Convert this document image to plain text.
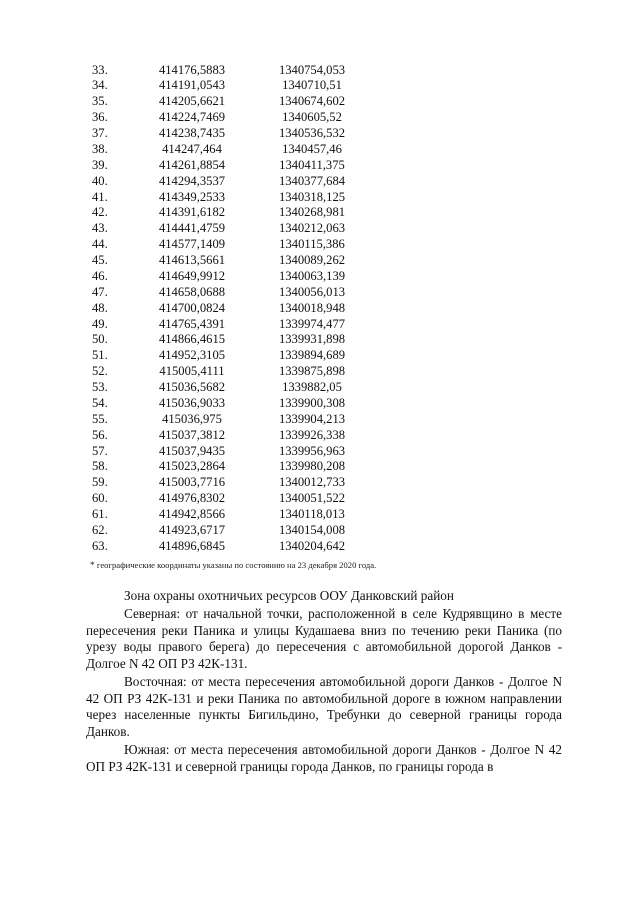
33.	414176,5883	1340754,053
34.	414191,0543	1340710,51
35.	414205,6621	1340674,602
36.	414224,7469	1340605,52
37.	414238,7435	1340536,532
38.	414247,464	1340457,46
39.	414261,8854	1340411,375
40.	414294,3537	1340377,684
41.	414349,2533	1340318,125
42.	414391,6182	1340268,981
43.	414441,4759	1340212,063
44.	414577,1409	1340115,386
45.	414613,5661	1340089,262
46.	414649,9912	1340063,139
47.	414658,0688	1340056,013
48.	414700,0824	1340018,948
49.	414765,4391	1339974,477
50.	414866,4615	1339931,898
51.	414952,3105	1339894,689
52.	415005,4111	1339875,898
53.	415036,5682	1339882,05
54.	415036,9033	1339900,308
55.	415036,975	1339904,213
56.	415037,3812	1339926,338
57.	415037,9435	1339956,963
58.	415023,2864	1339980,208
59.	415003,7716	1340012,733
60.	414976,8302	1340051,522
61.	414942,8566	1340118,013
62.	414923,6717	1340154,008
63.	414896,6845	1340204,642
* географические координаты указаны по состоянию на 23 декабря 2020 года.

Зона охраны охотничьих ресурсов ООУ Данковский район

Северная: от начальной точки, расположенной в селе Кудрявщино в месте пересечения реки Паника и улицы Кудашаева вниз по течению реки Паника (по урезу воды правого берега) до пересечения с автомобильной дорогой Данков - Долгое N 42 ОП РЗ 42К-131.

Восточная: от места пересечения автомобильной дороги Данков - Долгое N 42 ОП РЗ 42К-131 и реки Паника по автомобильной дороге в южном направлении через населенные пункты Бигильдино, Требунки до северной границы города Данков.

Южная: от места пересечения автомобильной дороги Данков - Долгое N 42 ОП РЗ 42К-131 и северной границы города Данков, по границы города в
